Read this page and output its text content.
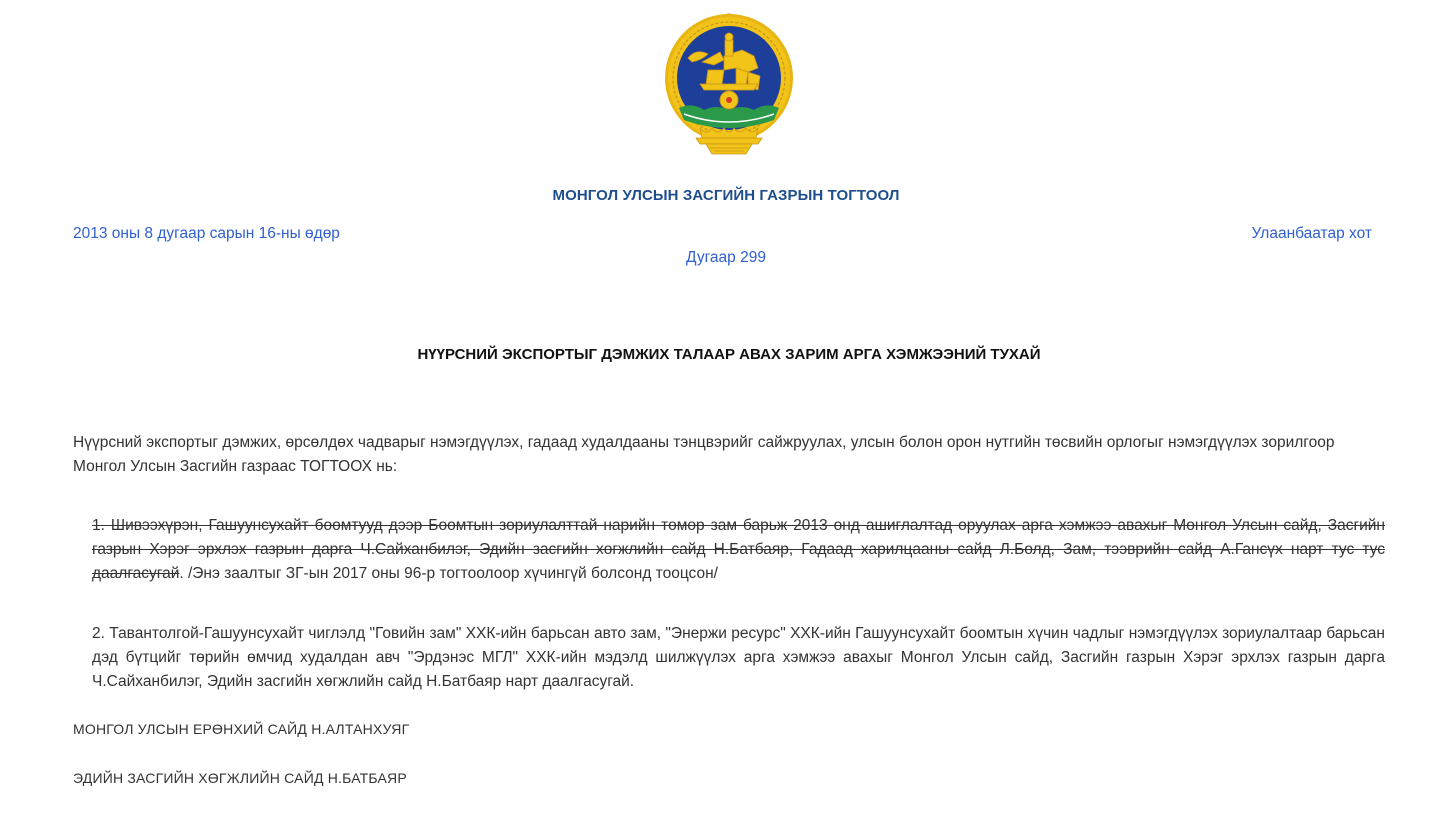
МОНГОЛ УЛСЫН ЗАСГИЙН ГАЗРЫН ТОГТООЛ
2013 оны 8 дугаар сарын 16-ны өдөр	Улаанбаатар хот
Дугаар 299
НҮҮРСНИЙ ЭКСПОРТЫГ ДЭМЖИХ ТАЛААР АВАХ ЗАРИМ АРГА ХЭМЖЭЭНИЙ ТУХАЙ
Нүүрсний экспортыг дэмжих, өрсөлдөх чадварыг нэмэгдүүлэх, гадаад худалдааны тэнцвэрийг сайжруулах, улсын болон орон нутгийн төсвийн орлогыг нэмэгдүүлэх зорилгоор Монгол Улсын Засгийн газраас ТОГТООХ нь:
1. Шивээхүрэн, Гашуунсухайт боомтууд дээр Боомтын зориулалттай нарийн төмөр зам барьж 2013 онд ашиглалтад оруулах арга хэмжээ авахыг Монгол Улсын сайд, Засгийн газрын Хэрэг эрхлэх газрын дарга Ч.Сайханбилэг, Эдийн засгийн хөгжлийн сайд Н.Батбаяр, Гадаад харилцааны сайд Л.Болд, Зам, тээврийн сайд А.Гансүх нарт тус тус даалгасугай. /Энэ заалтыг ЗГ-ын 2017 оны 96-р тогтоолоор хүчингүй болсонд тооцсон/
2. Тавантолгой-Гашуунсухайт чиглэлд "Говийн зам" ХХК-ийн барьсан авто зам, "Энержи ресурс" ХХК-ийн Гашуунсухайт боомтын хүчин чадлыг нэмэгдүүлэх зориулалтаар барьсан дэд бүтцийг төрийн өмчид худалдан авч "Эрдэнэс МГЛ" ХХК-ийн мэдэлд шилжүүлэх арга хэмжээ авахыг Монгол Улсын сайд, Засгийн газрын Хэрэг эрхлэх газрын дарга Ч.Сайханбилэг, Эдийн засгийн хөгжлийн сайд Н.Батбаяр нарт даалгасугай.
МОНГОЛ УЛСЫН ЕРӨНХИЙ САЙД Н.АЛТАНХУЯГ
ЭДИЙН ЗАСГИЙН ХӨГЖЛИЙН САЙД Н.БАТБАЯР
